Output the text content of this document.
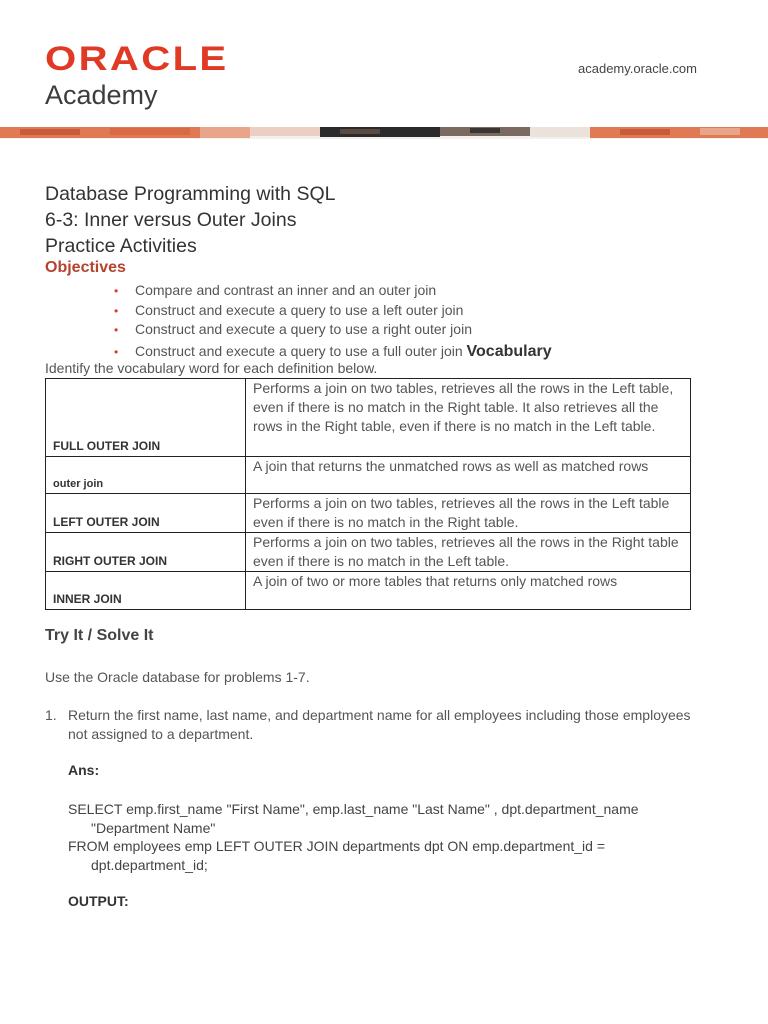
ORACLE
Academy
academy.oracle.com
Database Programming with SQL
6-3: Inner versus Outer Joins
Practice Activities
Objectives
• Compare and contrast an inner and an outer join
• Construct and execute a query to use a left outer join
• Construct and execute a query to use a right outer join
• Construct and execute a query to use a full outer join Vocabulary
Identify the vocabulary word for each definition below.
FULL OUTER JOIN	Performs a join on two tables, retrieves all the rows in the Left table, even if there is no match in the Right table. It also retrieves all the rows in the Right table, even if there is no match in the Left table.
outer join	A join that returns the unmatched rows as well as matched rows
LEFT OUTER JOIN	Performs a join on two tables, retrieves all the rows in the Left table even if there is no match in the Right table.
RIGHT OUTER JOIN	Performs a join on two tables, retrieves all the rows in the Right table even if there is no match in the Left table.
INNER JOIN	A join of two or more tables that returns only matched rows
Try It / Solve It
Use the Oracle database for problems 1-7.
1. Return the first name, last name, and department name for all employees including those employees not assigned to a department.
Ans:
SELECT emp.first_name "First Name", emp.last_name "Last Name" , dpt.department_name
"Department Name"
FROM employees emp LEFT OUTER JOIN departments dpt ON emp.department_id =
dpt.department_id;
OUTPUT:
